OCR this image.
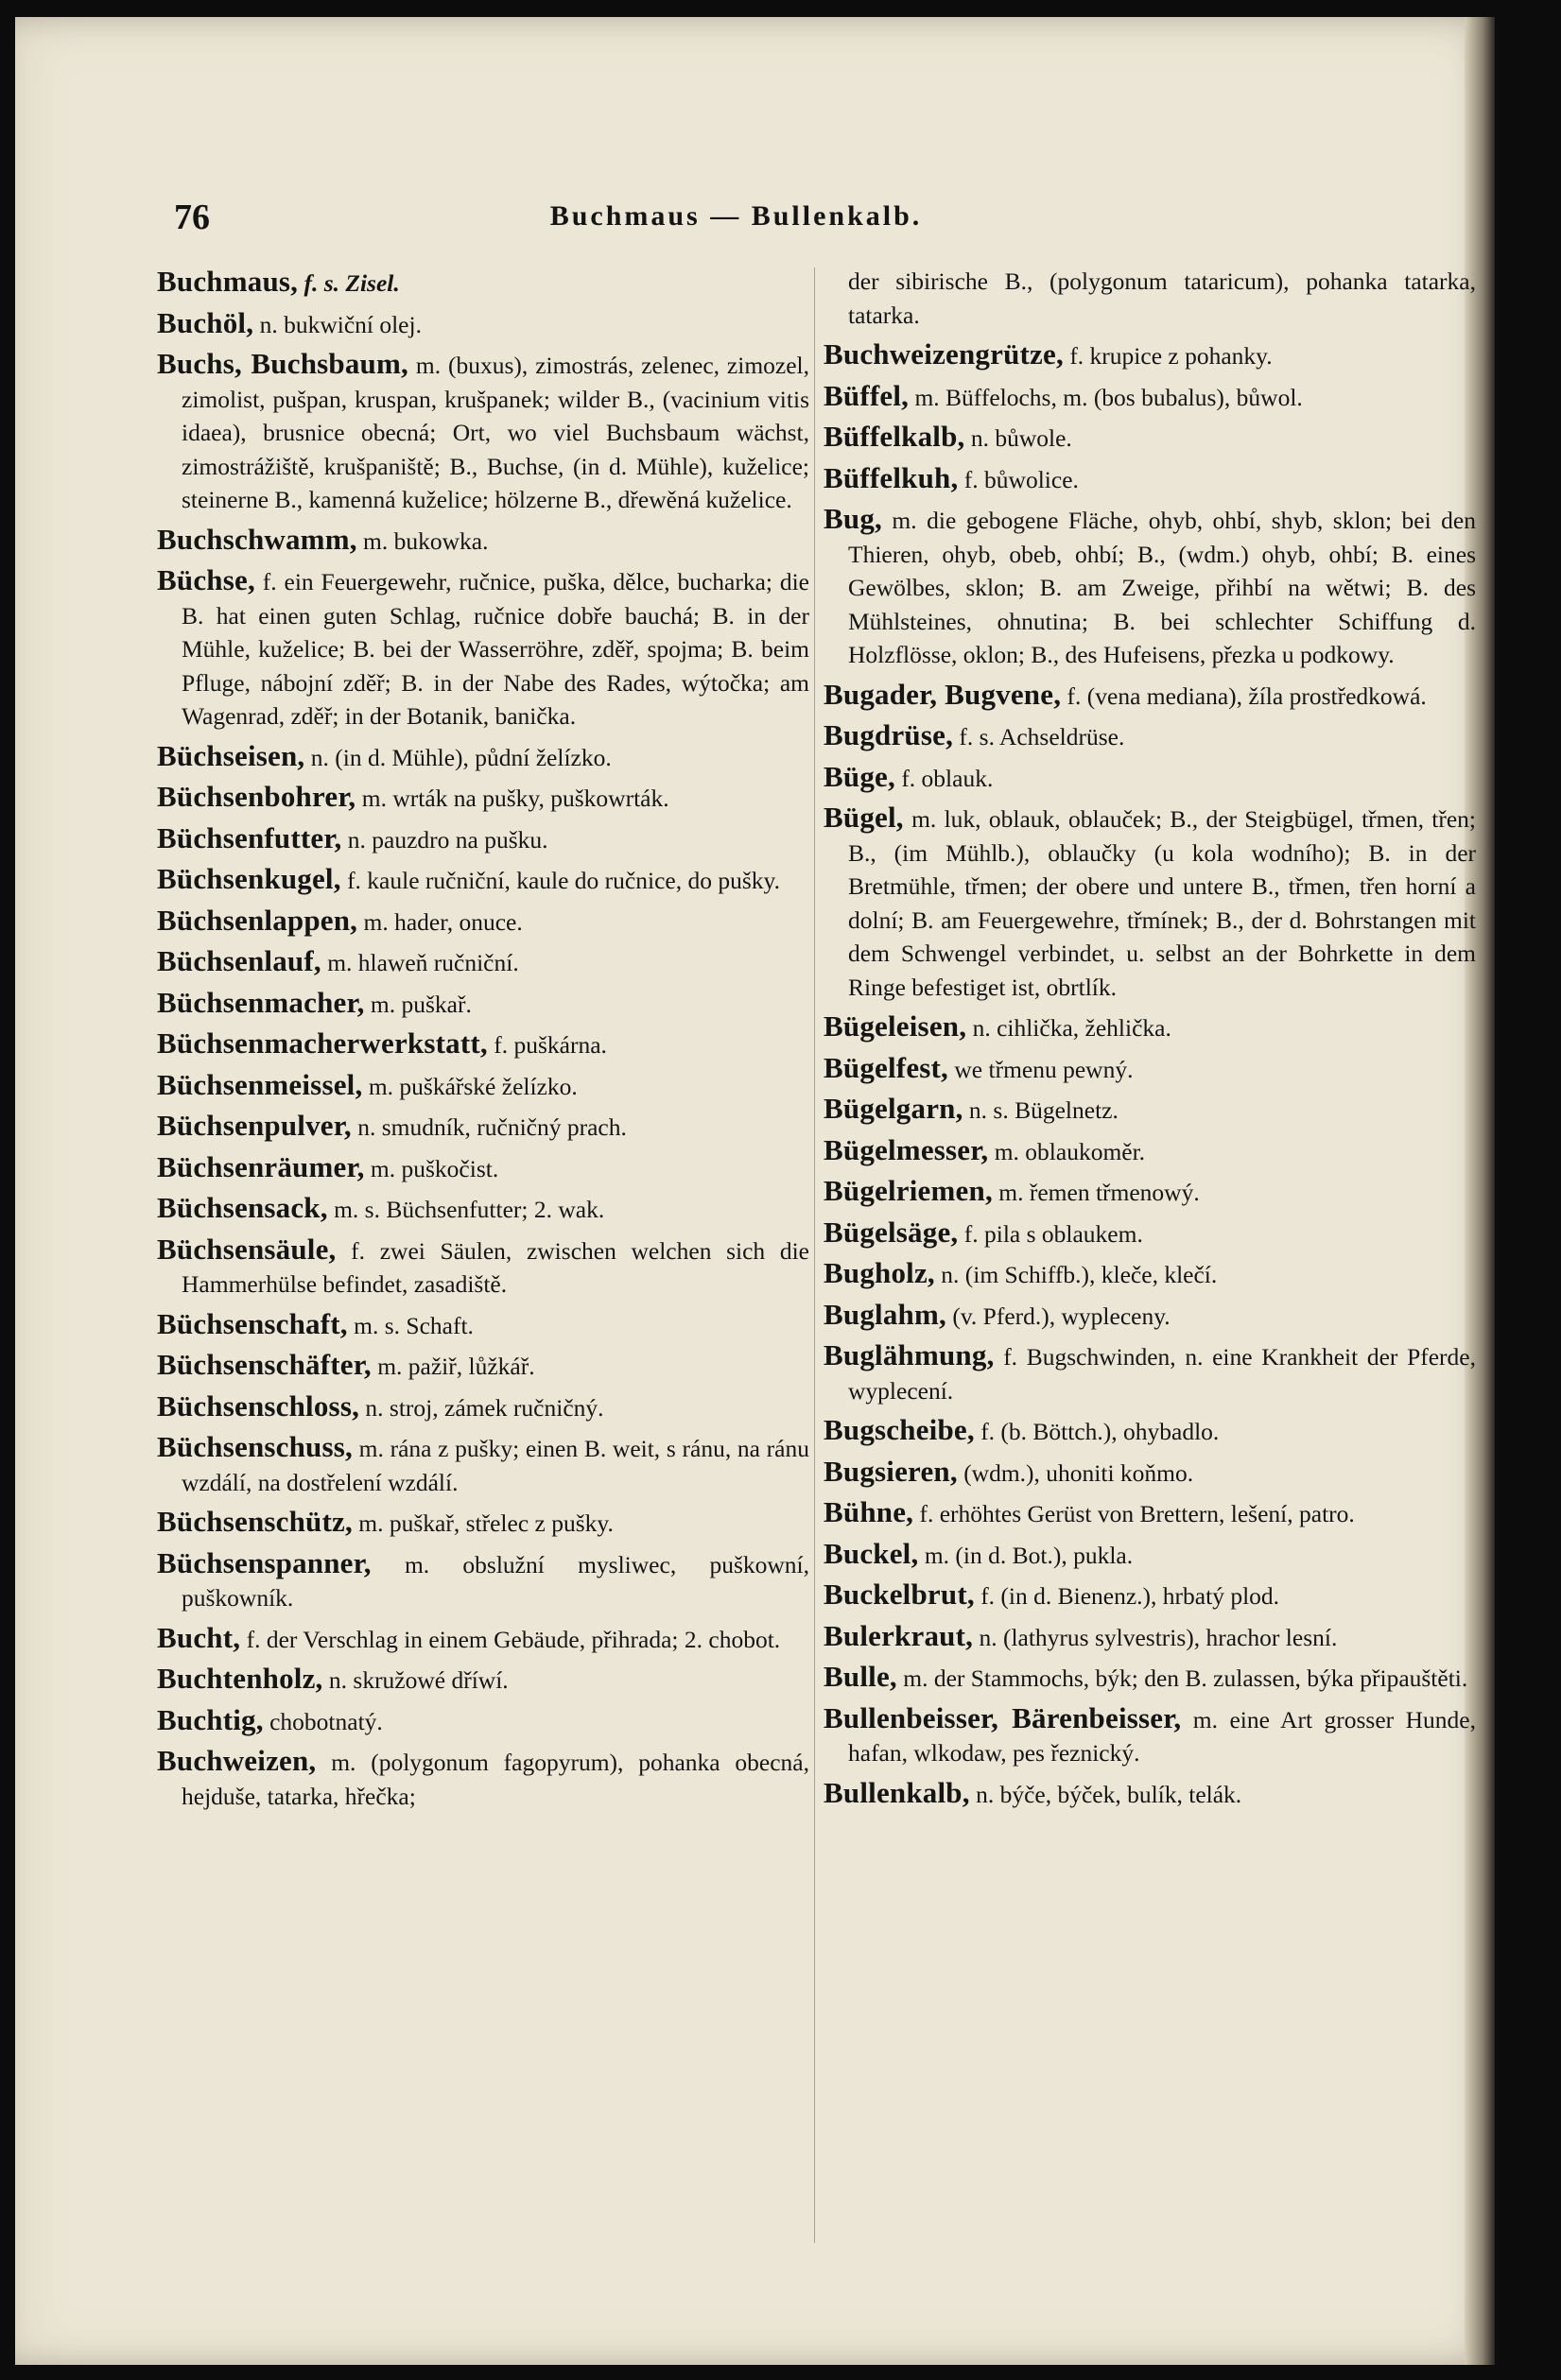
76	Buchmaus — Bullenkalb.
Buchmaus, f. s. Zisel.
Buchöl, n. bukwiční olej.
Buchs, Buchsbaum, m. (buxus), zimostrás, zelenec, zimozel, zimolist, pušpan, kruspan, krušpanek; wilder B., (vacinium vitis idaea), brusnice obecná; Ort, wo viel Buchsbaum wächst, zimostrážiště, krušpaniště; B., Buchse, (in d. Mühle), kuželice; steinerne B., kamenná kuželice; hölzerne B., dřewěná kuželice.
Buchschwamm, m. bukowka.
Büchse, f. ein Feuergewehr, ručnice, puška, dělce, bucharka; die B. hat einen guten Schlag, ručnice dobře bauchá; B. in der Mühle, kuželice; B. bei der Wasserröhre, zděř, spojma; B. beim Pfluge, nábojní zděř; B. in der Nabe des Rades, wýtočka; am Wagenrad, zděř; in der Botanik, banička.
Büchseisen, n. (in d. Mühle), půdní želízko.
Büchsenbohrer, m. wrták na pušky, puškowrták.
Büchsenfutter, n. pauzdro na pušku.
Büchsenkugel, f. kaule ručniční, kaule do ručnice, do pušky.
Büchsenlappen, m. hader, onuce.
Büchsenlauf, m. hlaweň ručniční.
Büchsenmacher, m. puškař.
Büchsenmacherwerkstatt, f. puškárna.
Büchsenmeissel, m. puškářské želízko.
Büchsenpulver, n. smudník, ručničný prach.
Büchsenräumer, m. puškočist.
Büchsensack, m. s. Büchsenfutter; 2. wak.
Büchsensäule, f. zwei Säulen, zwischen welchen sich die Hammerhülse befindet, zasadiště.
Büchsenschaft, m. s. Schaft.
Büchsenschäfter, m. pažiř, lůžkář.
Büchsenschloss, n. stroj, zámek ručničný.
Büchsenschuss, m. rána z pušky; einen B. weit, s ránu, na ránu wzdálí, na dostřelení wzdálí.
Büchsenschütz, m. puškař, střelec z pušky.
Büchsenspanner, m. obslužní mysliwec, puškowní, puškowník.
Bucht, f. der Verschlag in einem Gebäude, přihrada; 2. chobot.
Buchtenholz, n. skružowé dříwí.
Buchtig, chobotnatý.
Buchweizen, m. (polygonum fagopyrum), pohanka obecná, hejduše, tatarka, hřečka;
der sibirische B., (polygonum tataricum), pohanka tatarka, tatarka.
Buchweizengrütze, f. krupice z pohanky.
Büffel, m. Büffelochs, m. (bos bubalus), bůwol.
Büffelkalb, n. bůwole.
Büffelkuh, f. bůwolice.
Bug, m. die gebogene Fläche, ohyb, ohbí, shyb, sklon; bei den Thieren, ohyb, obeb, ohbí; B., (wdm.) ohyb, ohbí; B. eines Gewölbes, sklon; B. am Zweige, přihbí na wětwi; B. des Mühlsteines, ohnutina; B. bei schlechter Schiffung d. Holzflösse, oklon; B., des Hufeisens, přezka u podkowy.
Bugader, Bugvene, f. (vena mediana), žíla prostředkowá.
Bugdrüse, f. s. Achseldrüse.
Büge, f. oblauk.
Bügel, m. luk, oblauk, oblauček; B., der Steigbügel, třmen, třen; B., (im Mühlb.), oblaučky (u kola wodního); B. in der Bretmühle, třmen; der obere und untere B., třmen, třen horní a dolní; B. am Feuergewehre, třmínek; B., der d. Bohrstangen mit dem Schwengel verbindet, u. selbst an der Bohrkette in dem Ringe befestiget ist, obrtlík.
Bügeleisen, n. cihlička, žehlička.
Bügelfest, we třmenu pewný.
Bügelgarn, n. s. Bügelnetz.
Bügelmesser, m. oblaukoměr.
Bügelriemen, m. řemen třmenowý.
Bügelsäge, f. pila s oblaukem.
Bugholz, n. (im Schiffb.), kleče, klečí.
Buglahm, (v. Pferd.), wypleceny.
Buglähmung, f. Bugschwinden, n. eine Krankheit der Pferde, wyplecení.
Bugscheibe, f. (b. Böttch.), ohybadlo.
Bugsieren, (wdm.), uhoniti koňmo.
Bühne, f. erhöhtes Gerüst von Brettern, lešení, patro.
Buckel, m. (in d. Bot.), pukla.
Buckelbrut, f. (in d. Bienenz.), hrbatý plod.
Bulerkraut, n. (lathyrus sylvestris), hrachor lesní.
Bulle, m. der Stammochs, býk; den B. zulassen, býka připauštěti.
Bullenbeisser, Bärenbeisser, m. eine Art grosser Hunde, hafan, wlkodaw, pes řeznický.
Bullenkalb, n. býče, býček, bulík, telák.
